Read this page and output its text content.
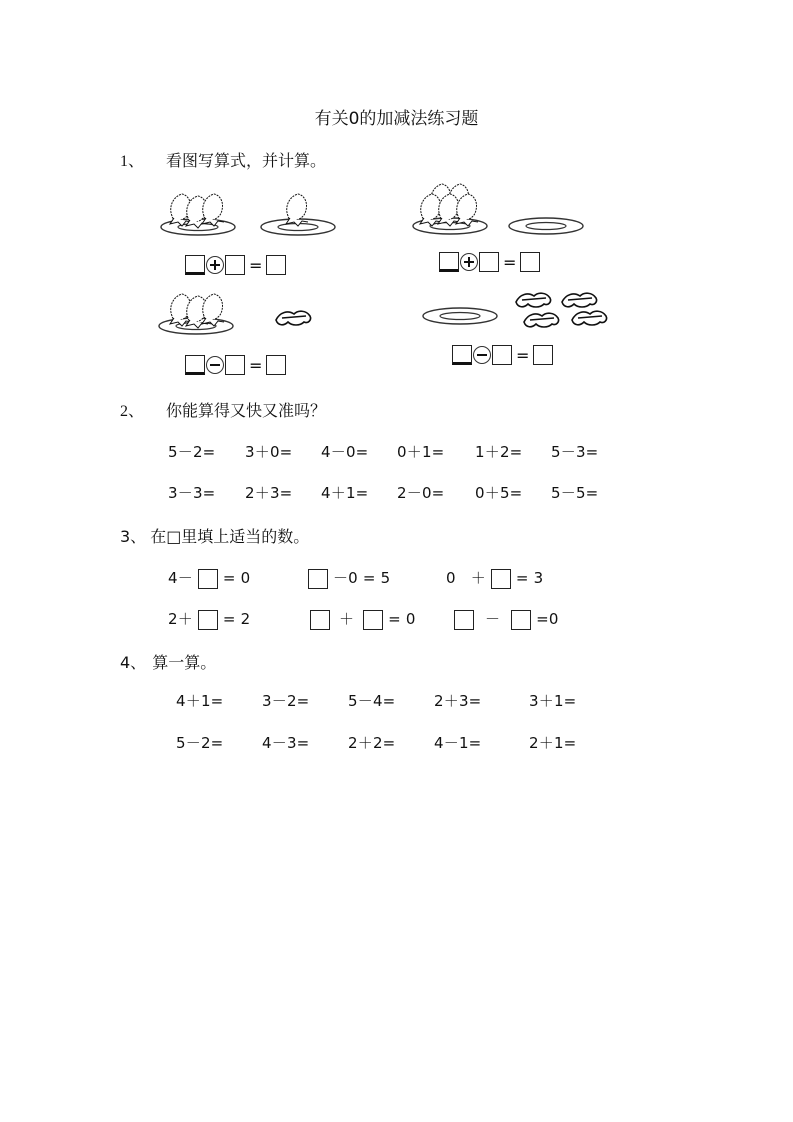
有关0的加减法练习题
1、 看图写算式，并计算。
=	=
=
=
2、 你能算得又快又准吗？
5－2= 3＋0= 4－0= 0＋1= 1＋2= 5－3=
3－3= 2＋3= 4＋1= 2－0= 0＋5= 5－5=
3、 在□里填上适当的数。
4－ = 0	－0 = 5	0 ＋ = 3
2＋ = 2	＋ = 0	－ =0
4、 算一算。
4＋1=	3－2=	5－4=	2＋3=	3＋1=
5－2=	4－3=	2＋2=	4－1=	2＋1=
